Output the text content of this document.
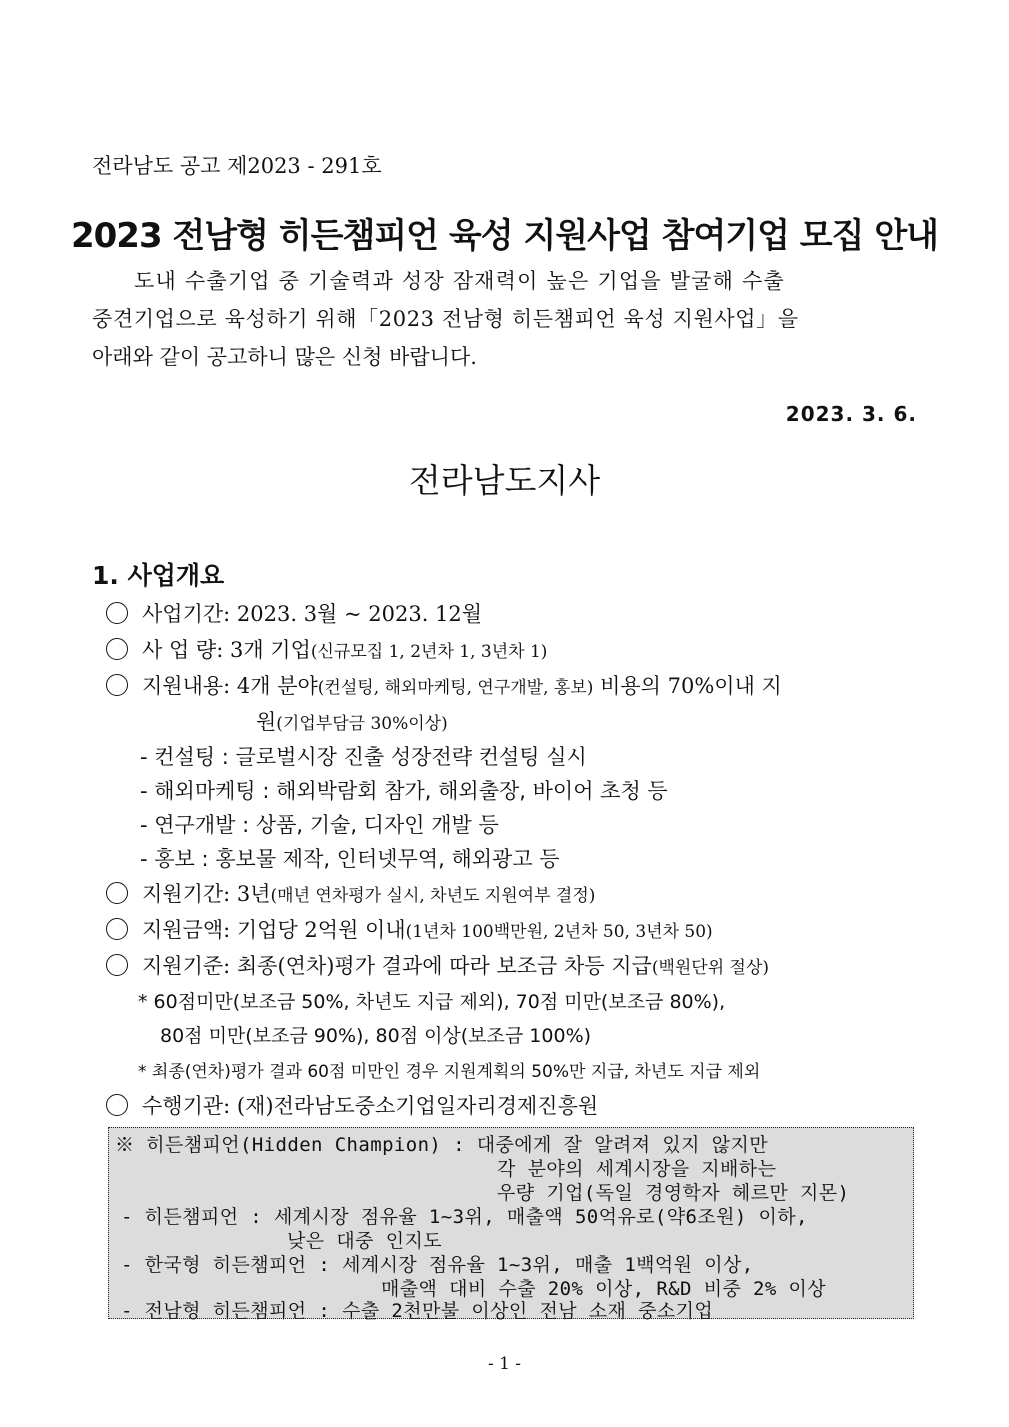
전라남도 공고 제2023 - 291호
2023 전남형 히든챔피언 육성 지원사업 참여기업 모집 안내
도내 수출기업 중 기술력과 성장 잠재력이 높은 기업을 발굴해 수출
중견기업으로 육성하기 위해「2023 전남형 히든챔피언 육성 지원사업」을
아래와 같이 공고하니 많은 신청 바랍니다.
2023. 3. 6.
전라남도지사
1. 사업개요
사업기간: 2023. 3월 ~ 2023. 12월
사 업 량: 3개 기업(신규모집 1, 2년차 1, 3년차 1)
지원내용: 4개 분야(컨설팅, 해외마케팅, 연구개발, 홍보) 비용의 70%이내 지
원(기업부담금 30%이상)
- 컨설팅 : 글로벌시장 진출 성장전략 컨설팅 실시
- 해외마케팅 : 해외박람회 참가, 해외출장, 바이어 초청 등
- 연구개발 : 상품, 기술, 디자인 개발 등
- 홍보 : 홍보물 제작, 인터넷무역, 해외광고 등
지원기간: 3년(매년 연차평가 실시, 차년도 지원여부 결정)
지원금액: 기업당 2억원 이내(1년차 100백만원, 2년차 50, 3년차 50)
지원기준: 최종(연차)평가 결과에 따라 보조금 차등 지급(백원단위 절상)
* 60점미만(보조금 50%, 차년도 지급 제외), 70점 미만(보조금 80%),
80점 미만(보조금 90%), 80점 이상(보조금 100%)
* 최종(연차)평가 결과 60점 미만인 경우 지원계획의 50%만 지급, 차년도 지급 제외
수행기관: (재)전라남도중소기업일자리경제진흥원
※ 히든챔피언(Hidden Champion) : 대중에게 잘 알려져 있지 않지만
각 분야의 세계시장을 지배하는
우량 기업(독일 경영학자 헤르만 지몬)
- 히든챔피언 : 세계시장 점유율 1~3위, 매출액 50억유로(약6조원) 이하,
낮은 대중 인지도
- 한국형 히든챔피언 : 세계시장 점유율 1~3위, 매출 1백억원 이상,
매출액 대비 수출 20% 이상, R&D 비중 2% 이상
- 전남형 히든챔피언 : 수출 2천만불 이상인 전남 소재 중소기업
- 1 -
